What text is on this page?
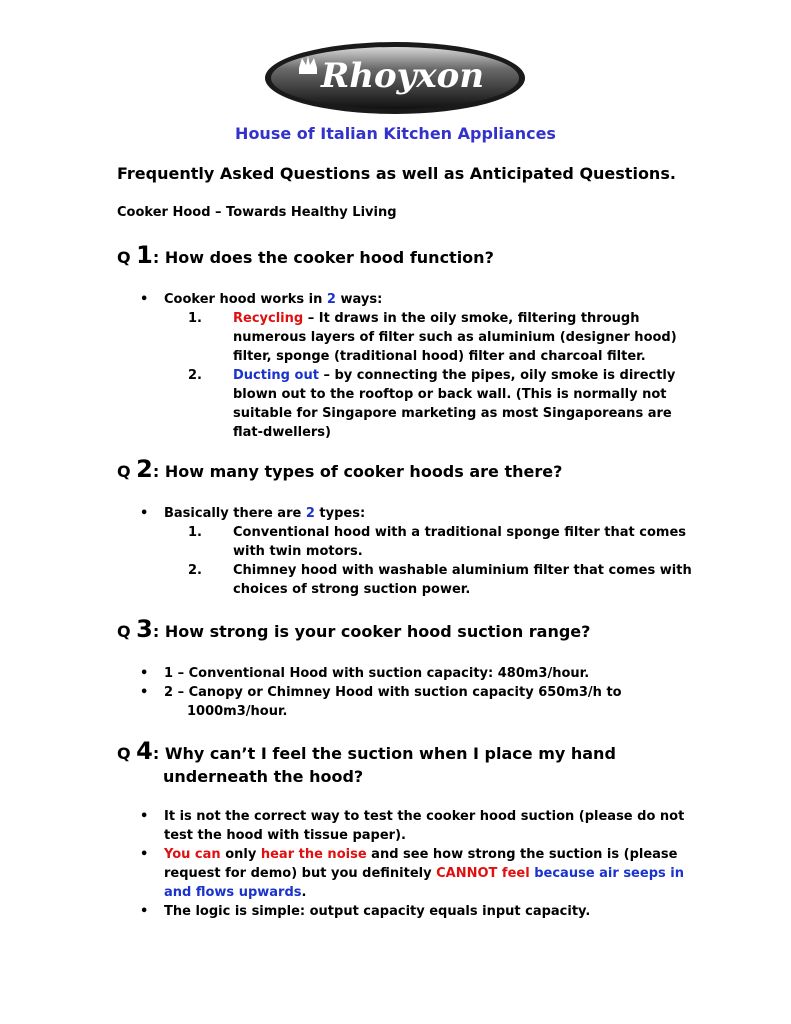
Rhoyxon
House of Italian Kitchen Appliances
Frequently Asked Questions as well as Anticipated Questions.
Cooker Hood – Towards Healthy Living
Q 1: How does the cooker hood function?
• Cooker hood works in 2 ways:
1. Recycling – It draws in the oily smoke, filtering through numerous layers of filter such as aluminium (designer hood) filter, sponge (traditional hood) filter and charcoal filter.
2. Ducting out – by connecting the pipes, oily smoke is directly blown out to the rooftop or back wall. (This is normally not suitable for Singapore marketing as most Singaporeans are flat-dwellers)
Q 2: How many types of cooker hoods are there?
• Basically there are 2 types:
1. Conventional hood with a traditional sponge filter that comes with twin motors.
2. Chimney hood with washable aluminium filter that comes with choices of strong suction power.
Q 3: How strong is your cooker hood suction range?
• 1 – Conventional Hood with suction capacity: 480m3/hour.
• 2 – Canopy or Chimney Hood with suction capacity 650m3/h to
1000m3/hour.
Q 4: Why can’t I feel the suction when I place my hand
underneath the hood?
• It is not the correct way to test the cooker hood suction (please do not test the hood with tissue paper).
• You can only hear the noise and see how strong the suction is (please request for demo) but you definitely CANNOT feel because air seeps in and flows upwards.
• The logic is simple: output capacity equals input capacity.
